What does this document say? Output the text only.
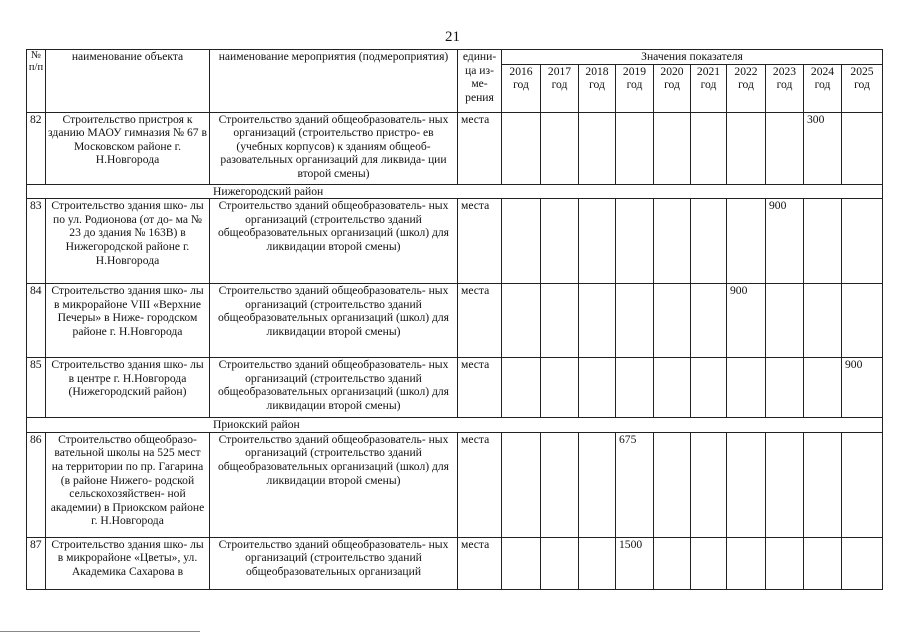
21
№ п/п	наименование объекта	наименование мероприятия (подмероприятия)	едини- ца из- ме- рения	Значения показателя									
				2016 год	2017 год	2018 год	2019 год	2020 год	2021 год	2022 год	2023 год	2024 год	2025 год
82	Строительство пристроя к зданию МАОУ гимназия № 67 в Московском районе г. Н.Новгорода	Строительство зданий общеобразователь- ных организаций (строительство пристро- ев (учебных корпусов) к зданиям общеоб- разовательных организаций для ликвида- ции второй смены)	места									300	
Нижегородский район													
83	Строительство здания шко- лы по ул. Родионова (от до- ма № 23 до здания № 163В) в Нижегородской районе г. Н.Новгорода	Строительство зданий общеобразователь- ных организаций (строительство зданий общеобразовательных организаций (школ) для ликвидации второй смены)	места								900		
84	Строительство здания шко- лы в микрорайоне VIII «Верхние Печеры» в Ниже- городском районе г. Н.Новгорода	Строительство зданий общеобразователь- ных организаций (строительство зданий общеобразовательных организаций (школ) для ликвидации второй смены)	места							900			
85	Строительство здания шко- лы в центре г. Н.Новгорода (Нижегородский район)	Строительство зданий общеобразователь- ных организаций (строительство зданий общеобразовательных организаций (школ) для ликвидации второй смены)	места										900
Приокский район													
86	Строительство общеобразо- вательной школы на 525 мест на территории по пр. Гагарина (в районе Нижего- родской сельскохозяйствен- ной академии) в Приокском районе г. Н.Новгорода	Строительство зданий общеобразователь- ных организаций (строительство зданий общеобразовательных организаций (школ) для ликвидации второй смены)	места				675						
87	Строительство здания шко- лы в микрорайоне «Цветы», ул. Академика Сахарова в	Строительство зданий общеобразователь- ных организаций (строительство зданий общеобразовательных организаций	места				1500						
